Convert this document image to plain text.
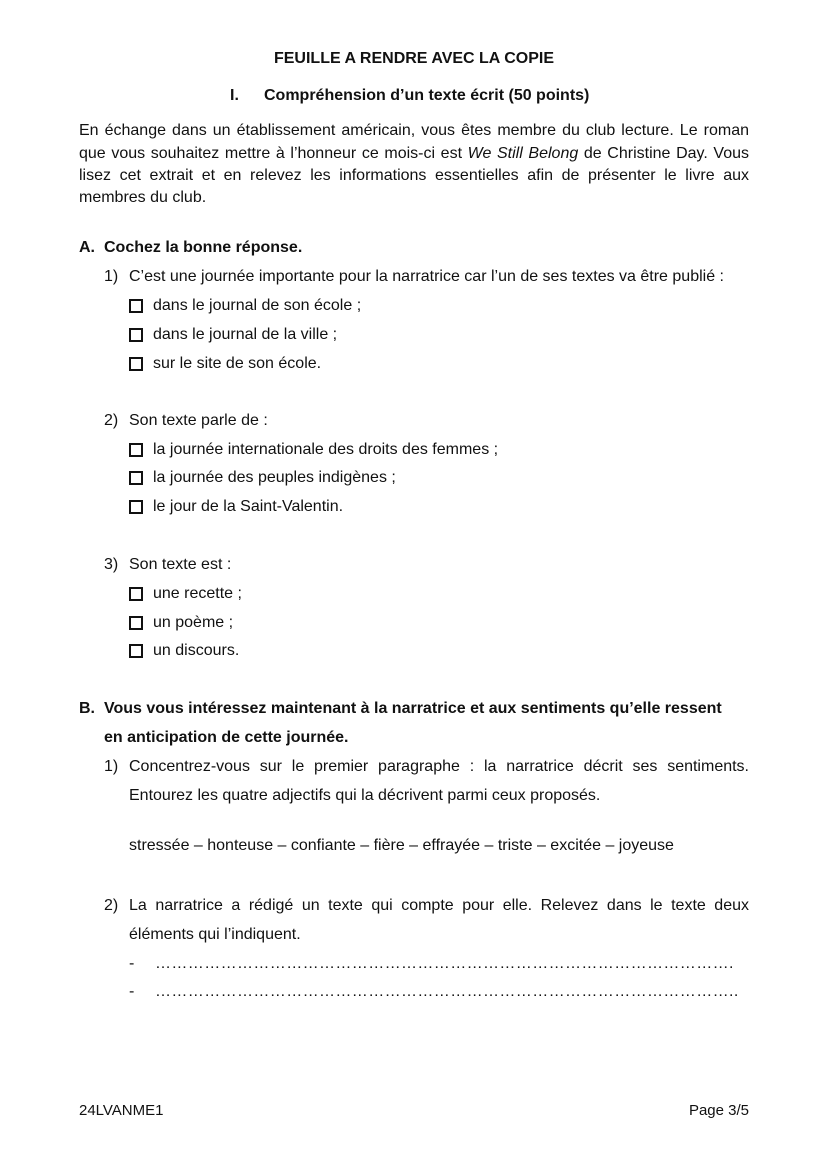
FEUILLE A RENDRE AVEC LA COPIE
I. Compréhension d’un texte écrit (50 points)
En échange dans un établissement américain, vous êtes membre du club lecture. Le roman
que vous souhaitez mettre à l’honneur ce mois-ci est We Still Belong de Christine Day. Vous
lisez cet extrait et en relevez les informations essentielles afin de présenter le livre aux
membres du club.
A. Cochez la bonne réponse.
1) C’est une journée importante pour la narratrice car l’un de ses textes va être publié :
dans le journal de son école ;
dans le journal de la ville ;
sur le site de son école.
2) Son texte parle de :
la journée internationale des droits des femmes ;
la journée des peuples indigènes ;
le jour de la Saint-Valentin.
3) Son texte est :
une recette ;
un poème ;
un discours.
B. Vous vous intéressez maintenant à la narratrice et aux sentiments qu’elle ressent
en anticipation de cette journée.
1) Concentrez-vous sur le premier paragraphe : la narratrice décrit ses sentiments.
Entourez les quatre adjectifs qui la décrivent parmi ceux proposés.
stressée – honteuse – confiante – fière – effrayée – triste – excitée – joyeuse
2) La narratrice a rédigé un texte qui compte pour elle. Relevez dans le texte deux
éléments qui l’indiquent.
- …………………………………………………………………………………………….
- ……………………………………………………………………………………………..
24LVANME1	Page 3/5
